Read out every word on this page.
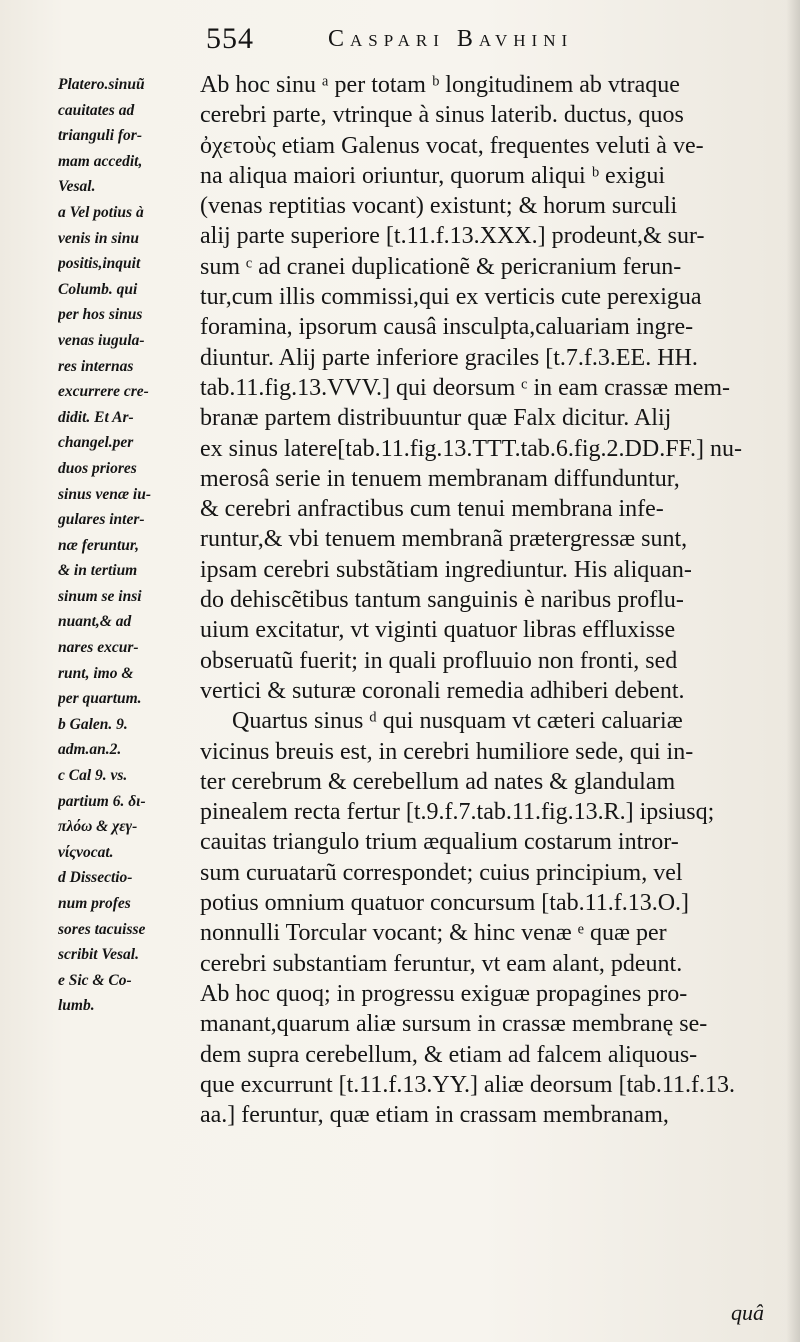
554	Caspari Bavhini
Platero.sinuũ
cauitates ad
trianguli for-
mam accedit,
Vesal.
a Vel potius à
venis in sinu
positis,inquit
Columb. qui
per hos sinus
venas iugula-
res internas
excurrere cre-
didit. Et Ar-
changel.per
duos priores
sinus venæ iu-
gulares inter-
næ feruntur,
& in tertium
sinum se insi
nuant,& ad
nares excur-
runt, imo &
per quartum.
b Galen. 9.
adm.an.2.
c Cal 9. vs.
partium 6. δι-
πλόω & χεγ-
νίςvocat.
d Dissectio-
num profes
sores tacuisse
scribit Vesal.
e Sic & Co-
lumb.
Ab hoc sinu ᵃ per totam ᵇ longitudinem ab vtraque
cerebri parte, vtrinque à sinus laterib. ductus, quos
ὀχετοὺς etiam Galenus vocat, frequentes veluti à ve-
na aliqua maiori oriuntur, quorum aliqui ᵇ exigui
(venas reptitias vocant) existunt; & horum surculi
alij parte superiore [t.11.f.13.XXX.] prodeunt,& sur-
sum ᶜ ad cranei duplicationẽ & pericranium ferun-
tur,cum illis commissi,qui ex verticis cute perexigua
foramina, ipsorum causâ insculpta,caluariam ingre-
diuntur. Alij parte inferiore graciles [t.7.f.3.EE. HH.
tab.11.fig.13.VVV.] qui deorsum ᶜ in eam crassæ mem-
branæ partem distribuuntur quæ Falx dicitur. Alij
ex sinus latere[tab.11.fig.13.TTT.tab.6.fig.2.DD.FF.] nu-
merosâ serie in tenuem membranam diffunduntur,
& cerebri anfractibus cum tenui membrana infe-
runtur,& vbi tenuem membranã prætergressæ sunt,
ipsam cerebri substãtiam ingrediuntur. His aliquan-
do dehiscẽtibus tantum sanguinis è naribus proflu-
uium excitatur, vt viginti quatuor libras effluxisse
obseruatũ fuerit; in quali profluuio non fronti, sed
vertici & suturæ coronali remedia adhiberi debent.
Quartus sinus ᵈ qui nusquam vt cæteri caluariæ
vicinus breuis est, in cerebri humiliore sede, qui in-
ter cerebrum & cerebellum ad nates & glandulam
pinealem recta fertur [t.9.f.7.tab.11.fig.13.R.] ipsiusq;
cauitas triangulo trium æqualium costarum intror-
sum curuatarũ correspondet; cuius principium, vel
potius omnium quatuor concursum [tab.11.f.13.O.]
nonnulli Torcular vocant; & hinc venæ ᵉ quæ per
cerebri substantiam feruntur, vt eam alant, pdeunt.
Ab hoc quoq; in progressu exiguæ propagines pro-
manant,quarum aliæ sursum in crassæ membranę se-
dem supra cerebellum, & etiam ad falcem aliquous-
que excurrunt [t.11.f.13.YY.] aliæ deorsum [tab.11.f.13.
aa.] feruntur, quæ etiam in crassam membranam,
quâ
